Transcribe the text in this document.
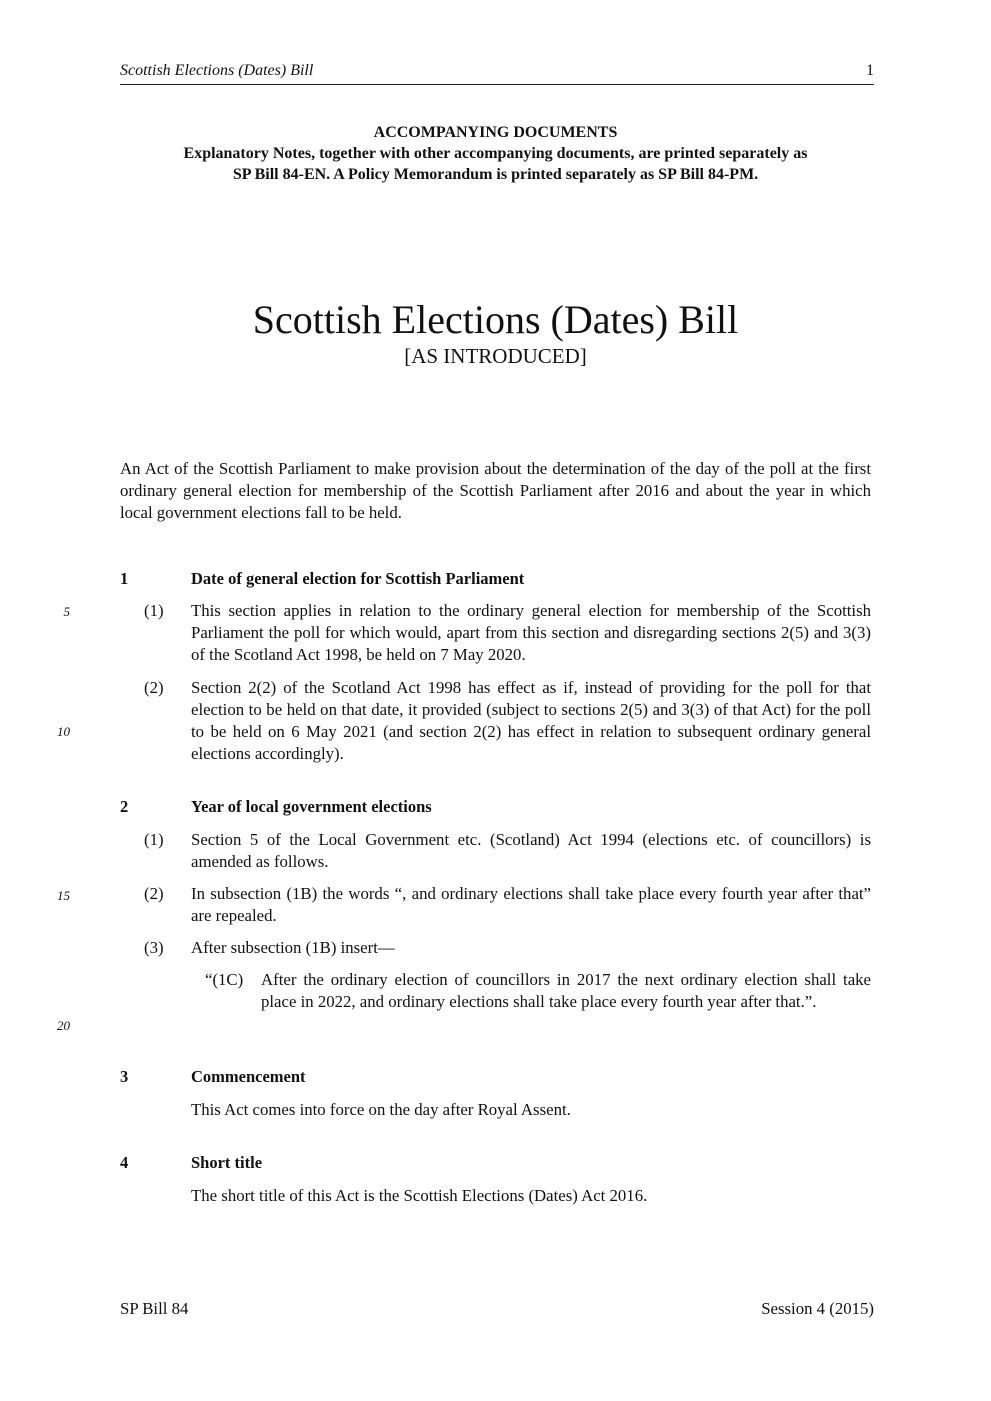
Scottish Elections (Dates) Bill	1
ACCOMPANYING DOCUMENTS
Explanatory Notes, together with other accompanying documents, are printed separately as
SP Bill 84-EN. A Policy Memorandum is printed separately as SP Bill 84-PM.
Scottish Elections (Dates) Bill
[AS INTRODUCED]

An Act of the Scottish Parliament to make provision about the determination of the day of the poll at the first ordinary general election for membership of the Scottish Parliament after 2016 and about the year in which local government elections fall to be held.

1	Date of general election for Scottish Parliament
(1) This section applies in relation to the ordinary general election for membership of the Scottish Parliament the poll for which would, apart from this section and disregarding sections 2(5) and 3(3) of the Scotland Act 1998, be held on 7 May 2020.

(2) Section 2(2) of the Scotland Act 1998 has effect as if, instead of providing for the poll for that election to be held on that date, it provided (subject to sections 2(5) and 3(3) of that Act) for the poll to be held on 6 May 2021 (and section 2(2) has effect in relation to subsequent ordinary general elections accordingly).

2	Year of local government elections
(1) Section 5 of the Local Government etc. (Scotland) Act 1994 (elections etc. of councillors) is amended as follows.

(2) In subsection (1B) the words “, and ordinary elections shall take place every fourth year after that” are repealed.

(3) After subsection (1B) insert—

“(1C) After the ordinary election of councillors in 2017 the next ordinary election shall take place in 2022, and ordinary elections shall take place every fourth year after that.”.

3	Commencement

This Act comes into force on the day after Royal Assent.

4	Short title

The short title of this Act is the Scottish Elections (Dates) Act 2016.

5
10
15
20
SP Bill 84	Session 4 (2015)
